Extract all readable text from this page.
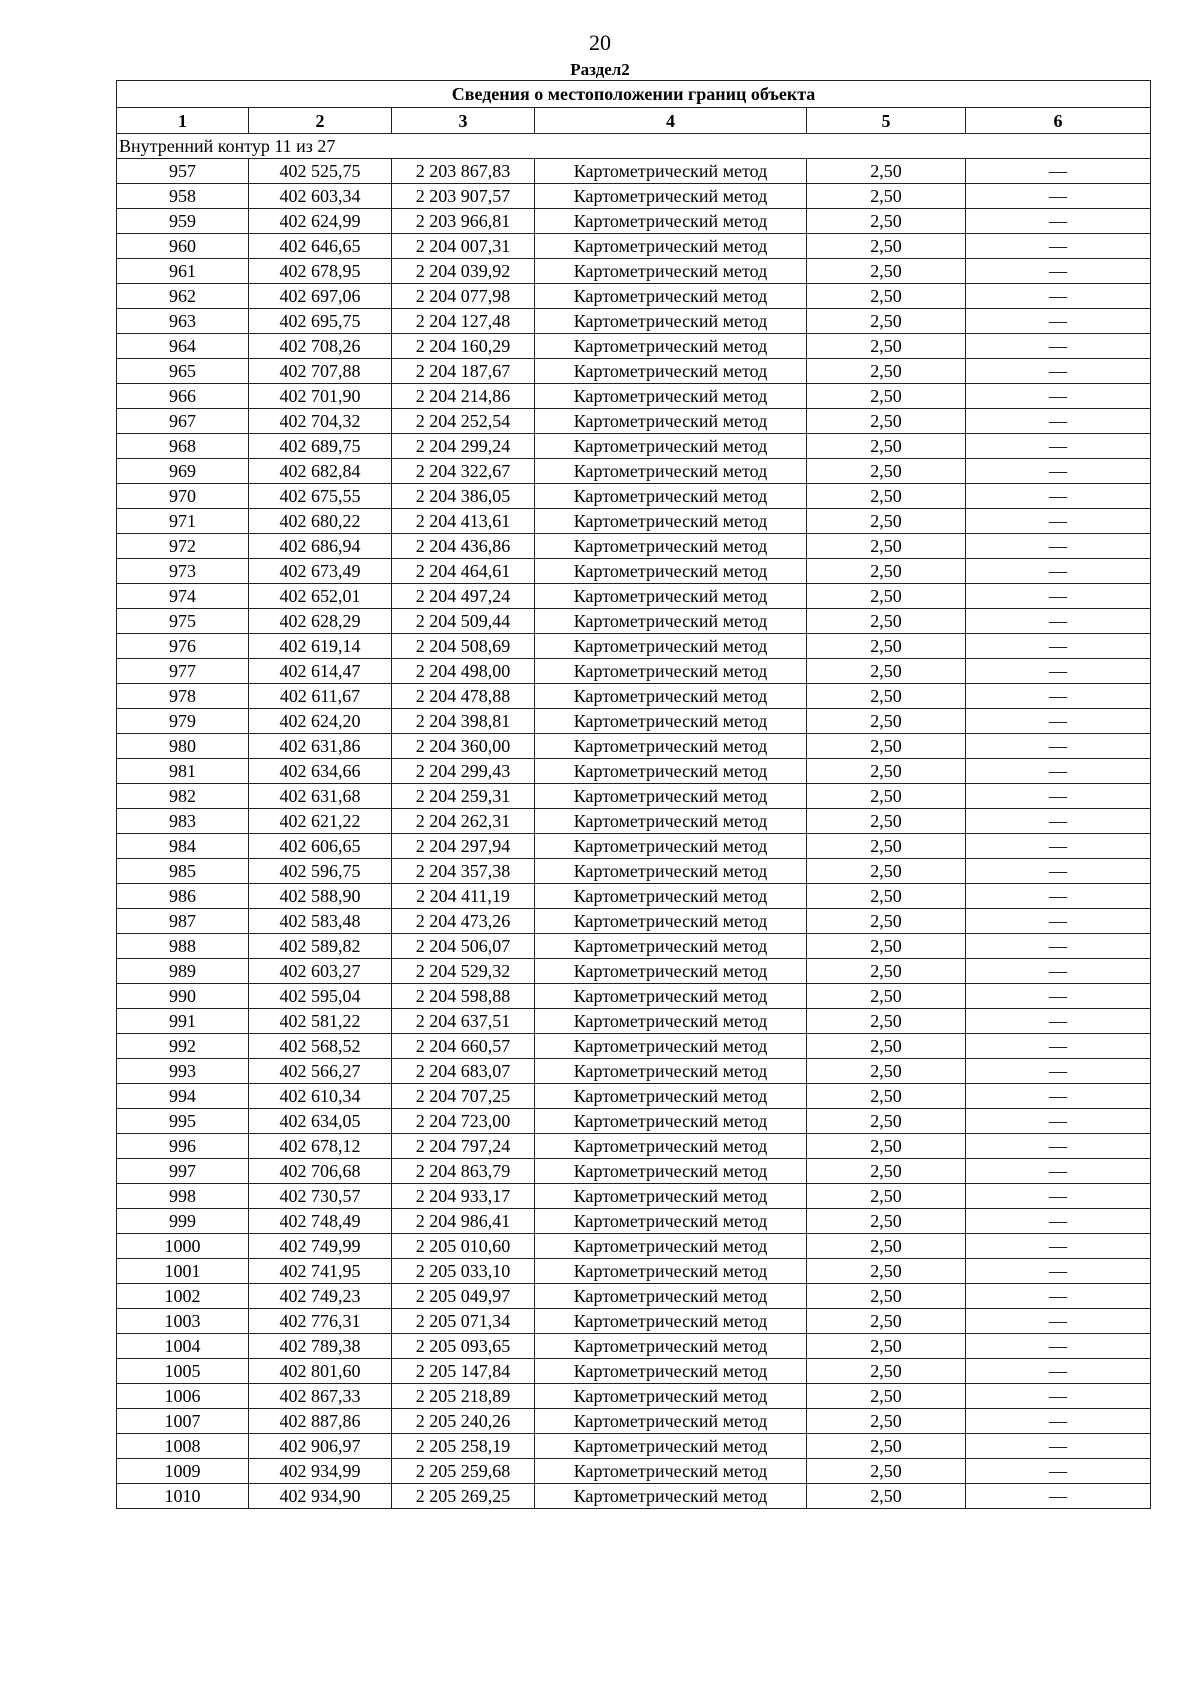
20
Раздел2
Сведения о местоположении границ объекта					
1	2	3	4	5	6
Внутренний контур 11 из 27					
957	402 525,75	2 203 867,83	Картометрический метод	2,50	—
958	402 603,34	2 203 907,57	Картометрический метод	2,50	—
959	402 624,99	2 203 966,81	Картометрический метод	2,50	—
960	402 646,65	2 204 007,31	Картометрический метод	2,50	—
961	402 678,95	2 204 039,92	Картометрический метод	2,50	—
962	402 697,06	2 204 077,98	Картометрический метод	2,50	—
963	402 695,75	2 204 127,48	Картометрический метод	2,50	—
964	402 708,26	2 204 160,29	Картометрический метод	2,50	—
965	402 707,88	2 204 187,67	Картометрический метод	2,50	—
966	402 701,90	2 204 214,86	Картометрический метод	2,50	—
967	402 704,32	2 204 252,54	Картометрический метод	2,50	—
968	402 689,75	2 204 299,24	Картометрический метод	2,50	—
969	402 682,84	2 204 322,67	Картометрический метод	2,50	—
970	402 675,55	2 204 386,05	Картометрический метод	2,50	—
971	402 680,22	2 204 413,61	Картометрический метод	2,50	—
972	402 686,94	2 204 436,86	Картометрический метод	2,50	—
973	402 673,49	2 204 464,61	Картометрический метод	2,50	—
974	402 652,01	2 204 497,24	Картометрический метод	2,50	—
975	402 628,29	2 204 509,44	Картометрический метод	2,50	—
976	402 619,14	2 204 508,69	Картометрический метод	2,50	—
977	402 614,47	2 204 498,00	Картометрический метод	2,50	—
978	402 611,67	2 204 478,88	Картометрический метод	2,50	—
979	402 624,20	2 204 398,81	Картометрический метод	2,50	—
980	402 631,86	2 204 360,00	Картометрический метод	2,50	—
981	402 634,66	2 204 299,43	Картометрический метод	2,50	—
982	402 631,68	2 204 259,31	Картометрический метод	2,50	—
983	402 621,22	2 204 262,31	Картометрический метод	2,50	—
984	402 606,65	2 204 297,94	Картометрический метод	2,50	—
985	402 596,75	2 204 357,38	Картометрический метод	2,50	—
986	402 588,90	2 204 411,19	Картометрический метод	2,50	—
987	402 583,48	2 204 473,26	Картометрический метод	2,50	—
988	402 589,82	2 204 506,07	Картометрический метод	2,50	—
989	402 603,27	2 204 529,32	Картометрический метод	2,50	—
990	402 595,04	2 204 598,88	Картометрический метод	2,50	—
991	402 581,22	2 204 637,51	Картометрический метод	2,50	—
992	402 568,52	2 204 660,57	Картометрический метод	2,50	—
993	402 566,27	2 204 683,07	Картометрический метод	2,50	—
994	402 610,34	2 204 707,25	Картометрический метод	2,50	—
995	402 634,05	2 204 723,00	Картометрический метод	2,50	—
996	402 678,12	2 204 797,24	Картометрический метод	2,50	—
997	402 706,68	2 204 863,79	Картометрический метод	2,50	—
998	402 730,57	2 204 933,17	Картометрический метод	2,50	—
999	402 748,49	2 204 986,41	Картометрический метод	2,50	—
1000	402 749,99	2 205 010,60	Картометрический метод	2,50	—
1001	402 741,95	2 205 033,10	Картометрический метод	2,50	—
1002	402 749,23	2 205 049,97	Картометрический метод	2,50	—
1003	402 776,31	2 205 071,34	Картометрический метод	2,50	—
1004	402 789,38	2 205 093,65	Картометрический метод	2,50	—
1005	402 801,60	2 205 147,84	Картометрический метод	2,50	—
1006	402 867,33	2 205 218,89	Картометрический метод	2,50	—
1007	402 887,86	2 205 240,26	Картометрический метод	2,50	—
1008	402 906,97	2 205 258,19	Картометрический метод	2,50	—
1009	402 934,99	2 205 259,68	Картометрический метод	2,50	—
1010	402 934,90	2 205 269,25	Картометрический метод	2,50	—
